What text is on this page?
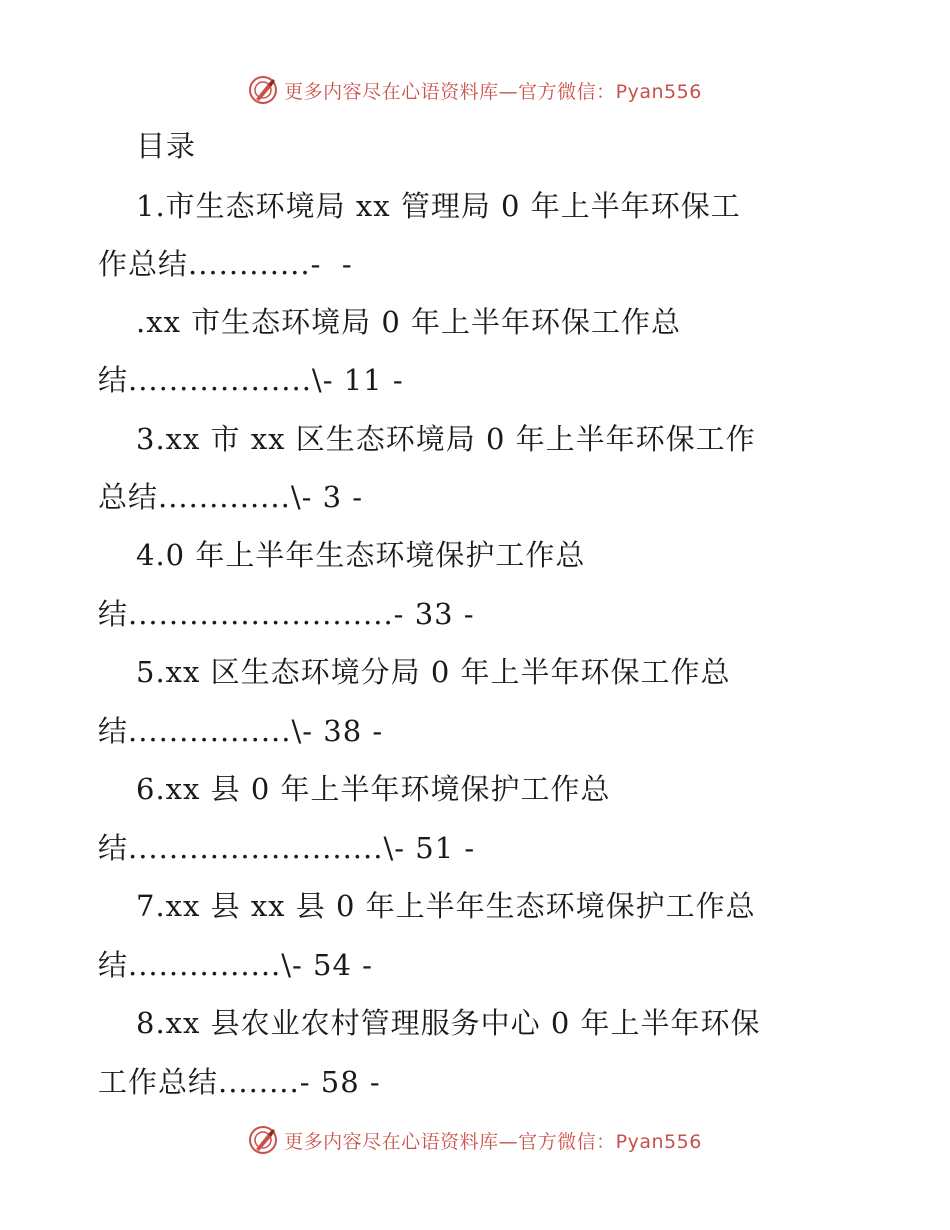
更多内容尽在心语资料库—官方微信：Pyan556
目录
1.市生态环境局 xx 管理局 0 年上半年环保工
作总结............-  -
.xx 市生态环境局 0 年上半年环保工作总
结..................\- 11 -
3.xx 市 xx 区生态环境局 0 年上半年环保工作
总结.............\- 3 -
4.0 年上半年生态环境保护工作总
结..........................- 33 -
5.xx 区生态环境分局 0 年上半年环保工作总
结................\- 38 -
6.xx 县 0 年上半年环境保护工作总
结.........................\- 51 -
7.xx 县 xx 县 0 年上半年生态环境保护工作总
结...............\- 54 -
8.xx 县农业农村管理服务中心 0 年上半年环保
工作总结........- 58 -
更多内容尽在心语资料库—官方微信：Pyan556
